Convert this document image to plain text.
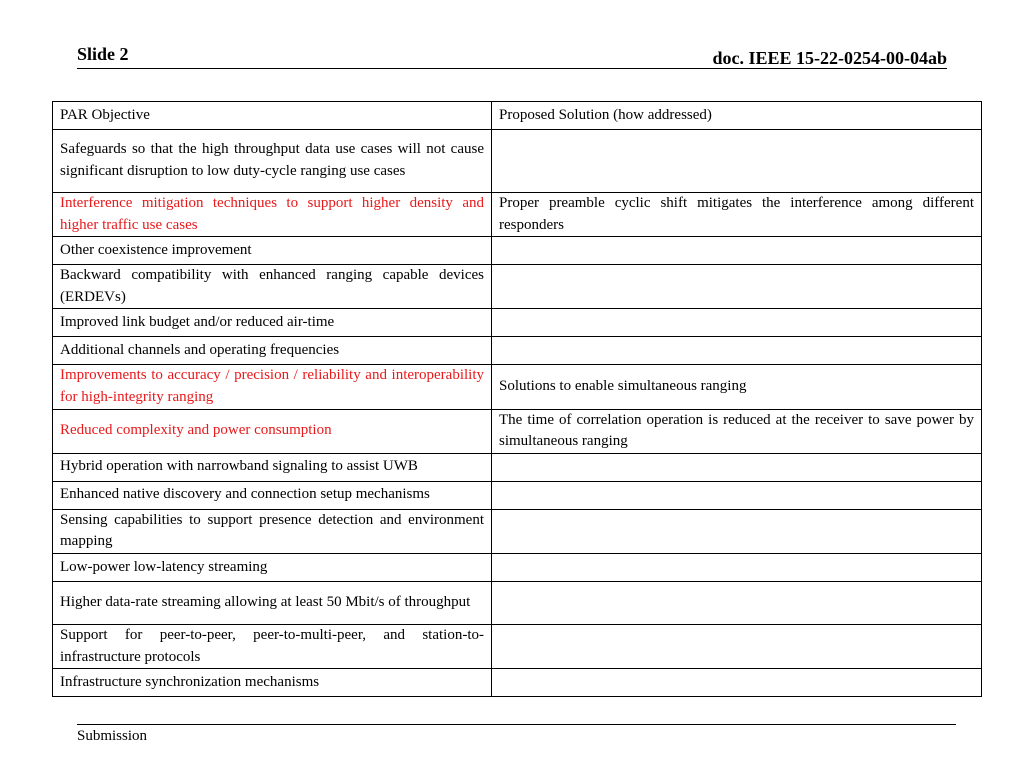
Slide 2	doc. IEEE 15-22-0254-00-04ab
PAR Objective	Proposed Solution (how addressed)
Safeguards so that the high throughput data use cases will not cause significant disruption to low duty-cycle ranging use cases	
Interference mitigation techniques to support higher density and higher traffic use cases	Proper preamble cyclic shift mitigates the interference among different responders
Other coexistence improvement	
Backward compatibility with enhanced ranging capable devices (ERDEVs)	
Improved link budget and/or reduced air-time	
Additional channels and operating frequencies	
Improvements to accuracy / precision / reliability and interoperability for high-integrity ranging	Solutions to enable simultaneous ranging
Reduced complexity and power consumption	The time of correlation operation is reduced at the receiver to save power by simultaneous ranging
Hybrid operation with narrowband signaling to assist UWB	
Enhanced native discovery and connection setup mechanisms	
Sensing capabilities to support presence detection and environment mapping	
Low-power low-latency streaming	
Higher data-rate streaming allowing at least 50 Mbit/s of throughput	
Support for peer-to-peer, peer-to-multi-peer, and station-to-infrastructure protocols	
Infrastructure synchronization mechanisms	
Submission
